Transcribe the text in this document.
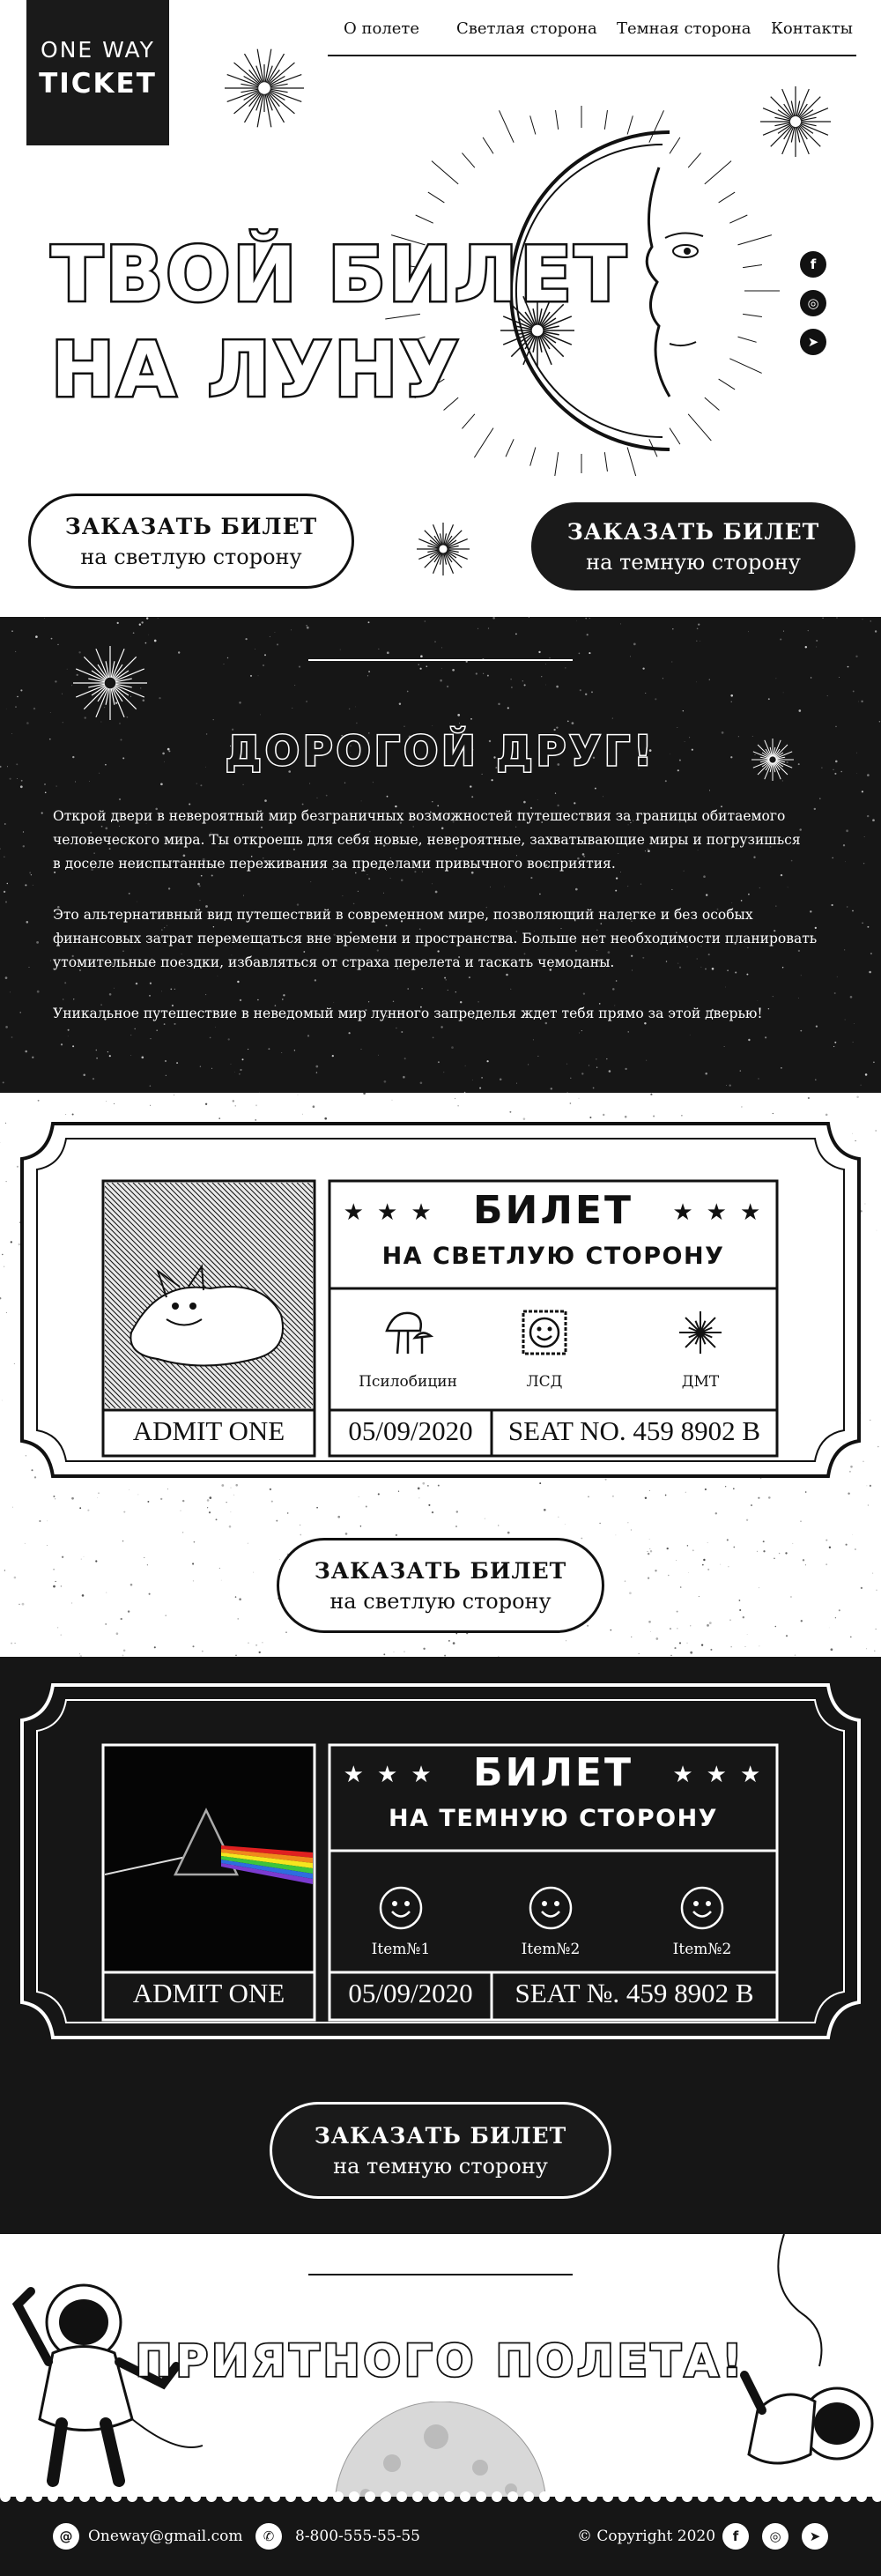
ONE WAY
TICKET
О полете Светлая сторона Темная сторона Контакты
ТВОЙ БИЛЕТ
НА ЛУНУ
f
◎
➤
ЗАКАЗАТЬ БИЛЕТ
на светлую сторону
ЗАКАЗАТЬ БИЛЕТ
на темную сторону
ДОРОГОЙ ДРУГ!

Открой двери в невероятный мир безграничных возможностей путешествия за границы обитаемого

человеческого мира. Ты откроешь для себя новые, невероятные, захватывающие миры и погрузишься

в доселе неиспытанные переживания за пределами привычного восприятия.

Это альтернативный вид путешествий в современном мире, позволяющий налегке и без особых

финансовых затрат перемещаться вне времени и пространства. Больше нет необходимости планировать

утомительные поездки, избавляться от страха перелета и таскать чемоданы.

Уникальное путешествие в неведомый мир лунного запределья ждет тебя прямо за этой дверью!

★ ★ ★ БИЛЕТ ★ ★ ★
НА СВЕТЛУЮ СТОРОНУ
Псилобицин	ЛСД	ДМТ
ADMIT ONE	05/09/2020	SEAT NO. 459 8902 B
ЗАКАЗАТЬ БИЛЕТ
на светлую сторону
★ ★ ★ БИЛЕТ ★ ★ ★
НА ТЕМНУЮ СТОРОНУ
Item№1	Item№2	Item№2
ADMIT ONE	05/09/2020	SEAT №. 459 8902 B
ЗАКАЗАТЬ БИЛЕТ
на темную сторону
ПРИЯТНОГО ПОЛЕТА!
@	Oneway@gmail.com	✆	8-800-555-55-55	© Copyright 2020	f	◎	➤
